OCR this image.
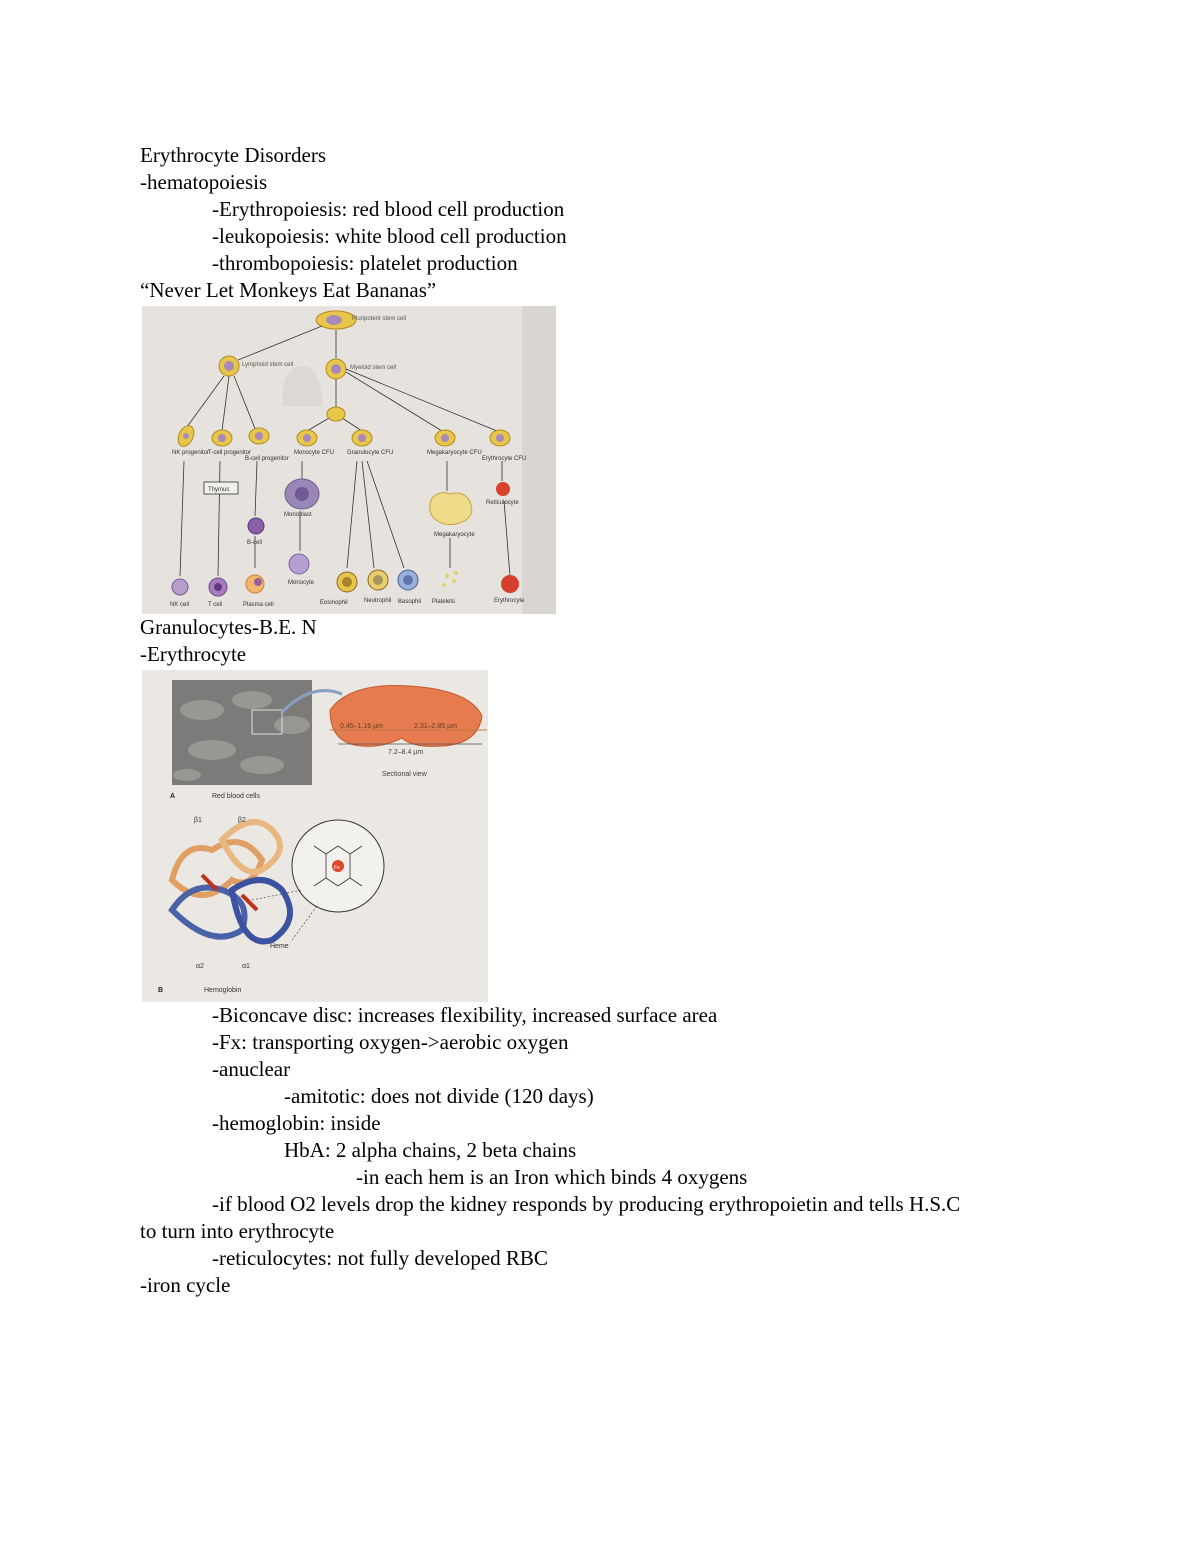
Erythrocyte Disorders
-hematopoiesis
-Erythropoiesis: red blood cell production
-leukopoiesis: white blood cell production
-thrombopoiesis: platelet production
“Never Let Monkeys Eat Bananas”
Pluripotent stem cell
Lymphoid stem cell	Myeloid stem cell
NK progenitor
T-cell progenitor
B-cell progenitor
Monocyte CFU Granulocyte CFU	Megakaryocyte CFU
Erythrocyte CFU
Thymus
Monoblast
B-cell
Megakaryocyte
Reticulocyte
NK cell	T cell	Plasma cell
Monocyte
Eosinophil	Neutrophil Basophil Platelets	Erythrocyte
Granulocytes-B.E. N
-Erythrocyte
0.45–1.16 µm	2.31–2.85 µm
7.2–8.4 µm
Sectional view
A	Red blood cells
β1	β2
α2	α1
Fe
Heme
B	Hemoglobin
-Biconcave disc: increases flexibility, increased surface area
-Fx: transporting oxygen->aerobic oxygen
-anuclear
-amitotic: does not divide (120 days)
-hemoglobin: inside
HbA: 2 alpha chains, 2 beta chains
-in each hem is an Iron which binds 4 oxygens
-if blood O2 levels drop the kidney responds by producing erythropoietin and tells H.S.C
to turn into erythrocyte
-reticulocytes: not fully developed RBC
-iron cycle
